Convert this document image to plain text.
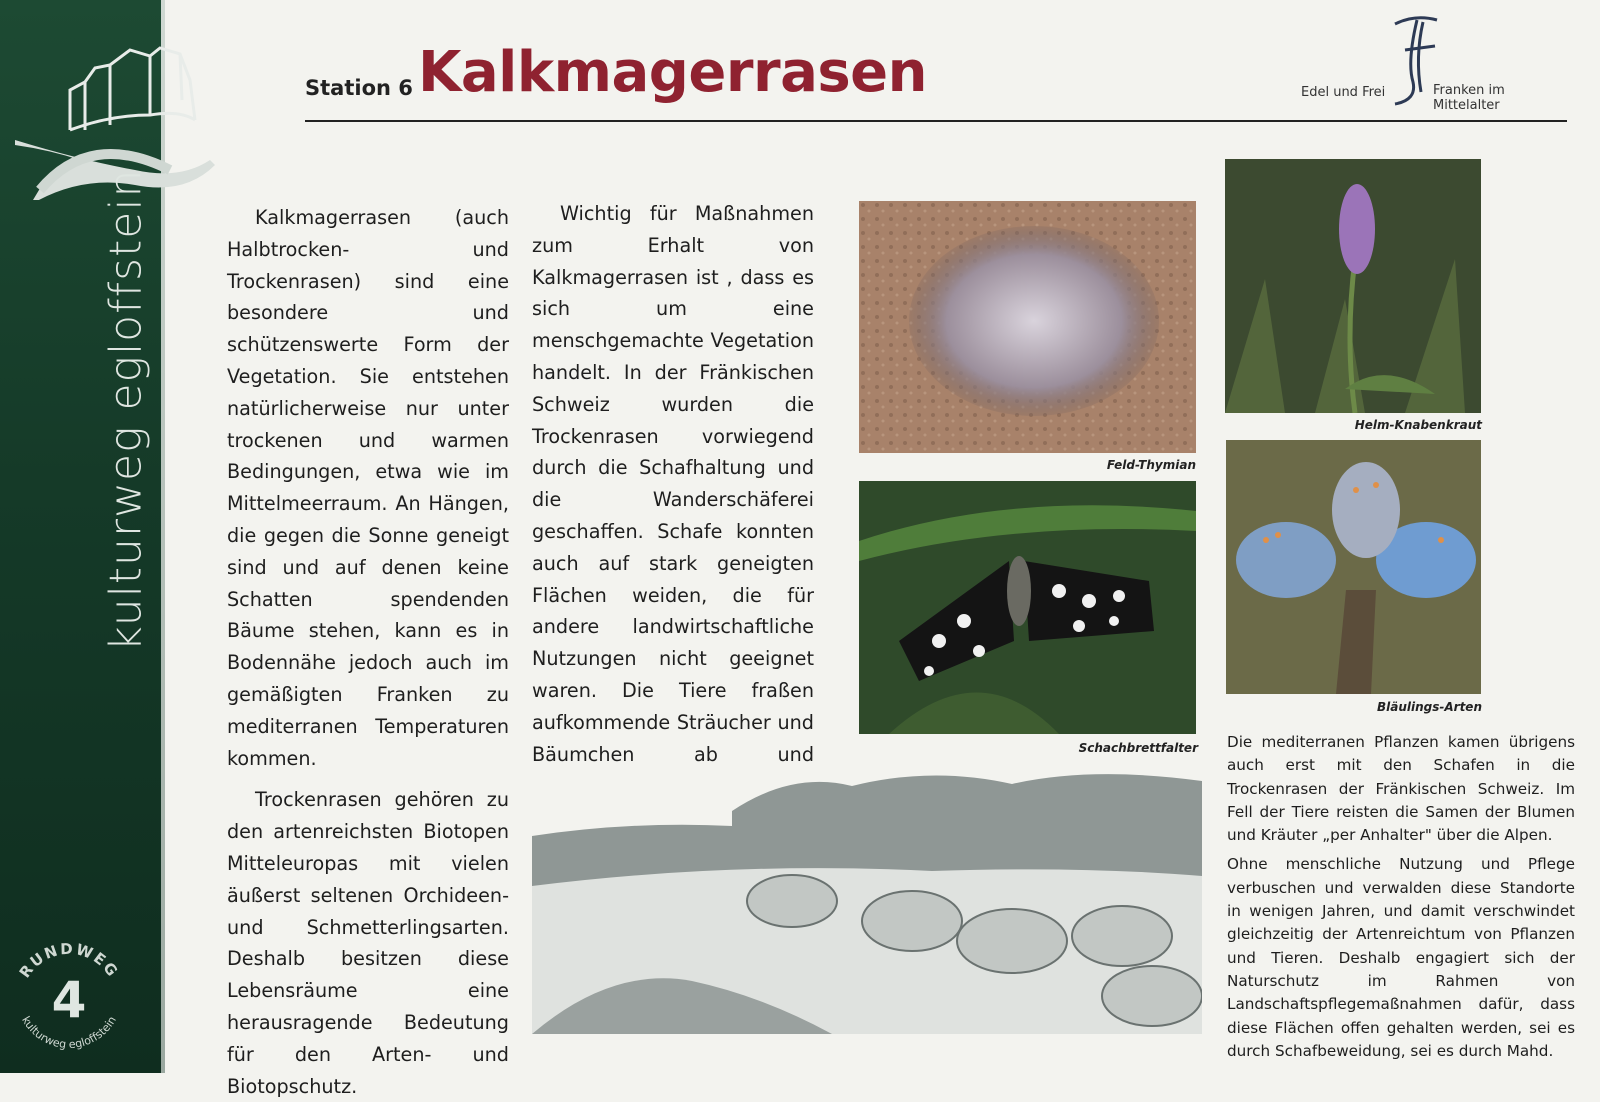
kulturweg egloffstein
RUNDWEG
4
kulturweg egloffstein
Station 6 Kalkmagerrasen	Edel und Frei	Franken im Mittelalter

Kalkmagerrasen (auch Halbtrocken- und Trockenrasen) sind eine besondere und schützenswerte Form der Vegetation. Sie entstehen natürlicherweise nur unter trockenen und warmen Bedingungen, etwa wie im Mittelmeerraum. An Hängen, die gegen die Sonne geneigt sind und auf denen keine Schatten spendenden Bäume stehen, kann es in Bodennähe jedoch auch im gemäßigten Franken zu mediterranen Temperaturen kommen.

Trockenrasen gehören zu den artenreichsten Biotopen Mitteleuropas mit vielen äußerst seltenen Orchideen- und Schmetterlingsarten. Deshalb besitzen diese Lebensräume eine herausragende Bedeutung für den Arten- und Biotopschutz.

Wichtig für Maßnahmen zum Erhalt von Kalkmagerrasen ist , dass es sich um eine menschgemachte Vegetation handelt. In der Fränkischen Schweiz wurden die Trockenrasen vorwiegend durch die Schafhaltung und die Wanderschäferei geschaffen. Schafe konnten auch auf stark geneigten Flächen weiden, die für andere landwirtschaftliche Nutzungen nicht geeignet waren. Die Tiere fraßen aufkommende Sträucher und Bäumchen ab und

Feld-Thymian
Helm-Knabenkraut
Schachbrettfalter
Bläulings-Arten

Die mediterranen Pflanzen kamen übrigens auch erst mit den Schafen in die Trockenrasen der Fränkischen Schweiz. Im Fell der Tiere reisten die Samen der Blumen und Kräuter „per Anhalter" über die Alpen.

Ohne menschliche Nutzung und Pflege verbuschen und verwalden diese Standorte in wenigen Jahren, und damit verschwindet gleichzeitig der Artenreichtum von Pflanzen und Tieren. Deshalb engagiert sich der Naturschutz im Rahmen von Landschaftspflegemaßnahmen dafür, dass diese Flächen offen gehalten werden, sei es durch Schafbeweidung, sei es durch Mahd.
